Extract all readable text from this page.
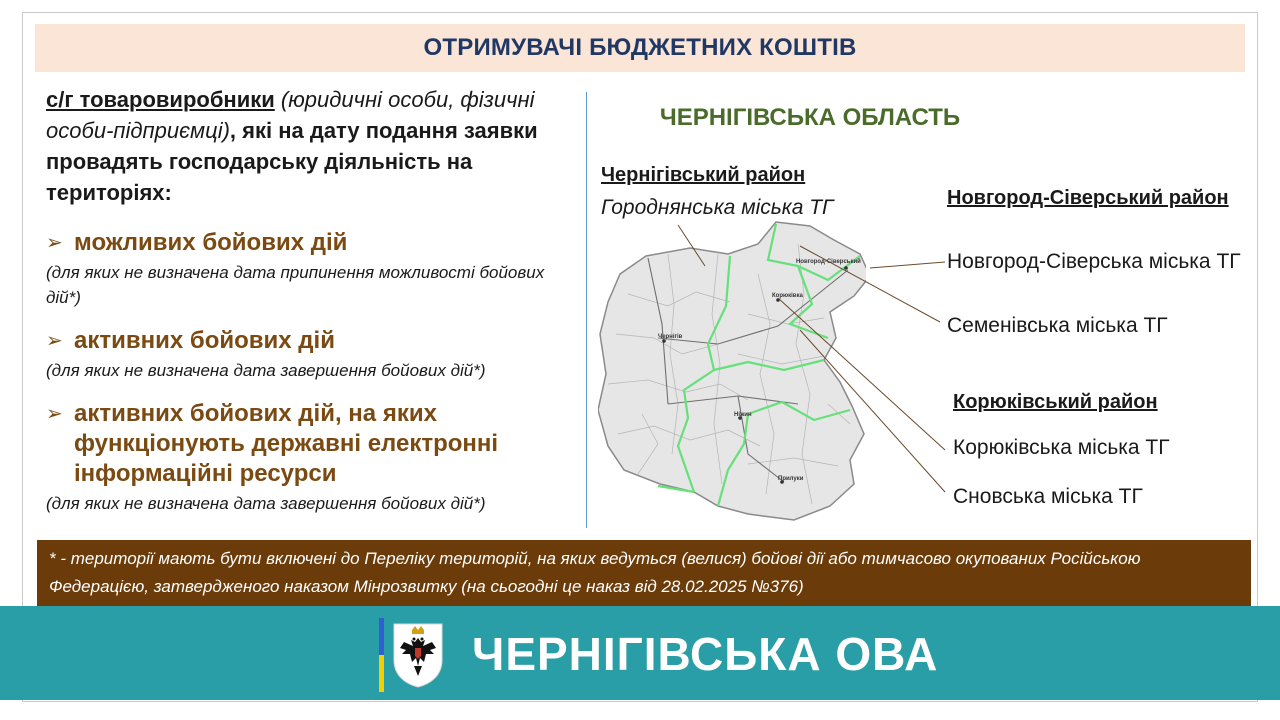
ОТРИМУВАЧІ БЮДЖЕТНИХ КОШТІВ

с/г товаровиробники (юридичні особи, фізичні особи-підприємці), які на дату подання заявки провадять господарську діяльність на територіях:

➢ можливих бойових дій

(для яких не визначена дата припинення можливості бойових дій*)

➢ активних бойових дій

(для яких не визначена дата завершення бойових дій*)

➢ активних бойових дій, на яких функціонують державні електронні інформаційні ресурси

(для яких не визначена дата завершення бойових дій*)

ЧЕРНІГІВСЬКА ОБЛАСТЬ
Чернігівський район
Городнянська міська ТГ	Новгород-Сіверський район
Новгород-Сіверська міська ТГ
Семенівська міська ТГ
Корюківський район
Корюківська міська ТГ
Сновська міська ТГ
Чернігів
Корюківка
Новгород-Сіверський
Ніжин
Прилуки
* - території мають бути включені до Переліку територій, на яких ведуться (велися) бойові дії або тимчасово окупованих Російською Федерацією, затвердженого наказом Мінрозвитку (на сьогодні це наказ від 28.02.2025 №376)
ЧЕРНІГІВСЬКА ОВА
